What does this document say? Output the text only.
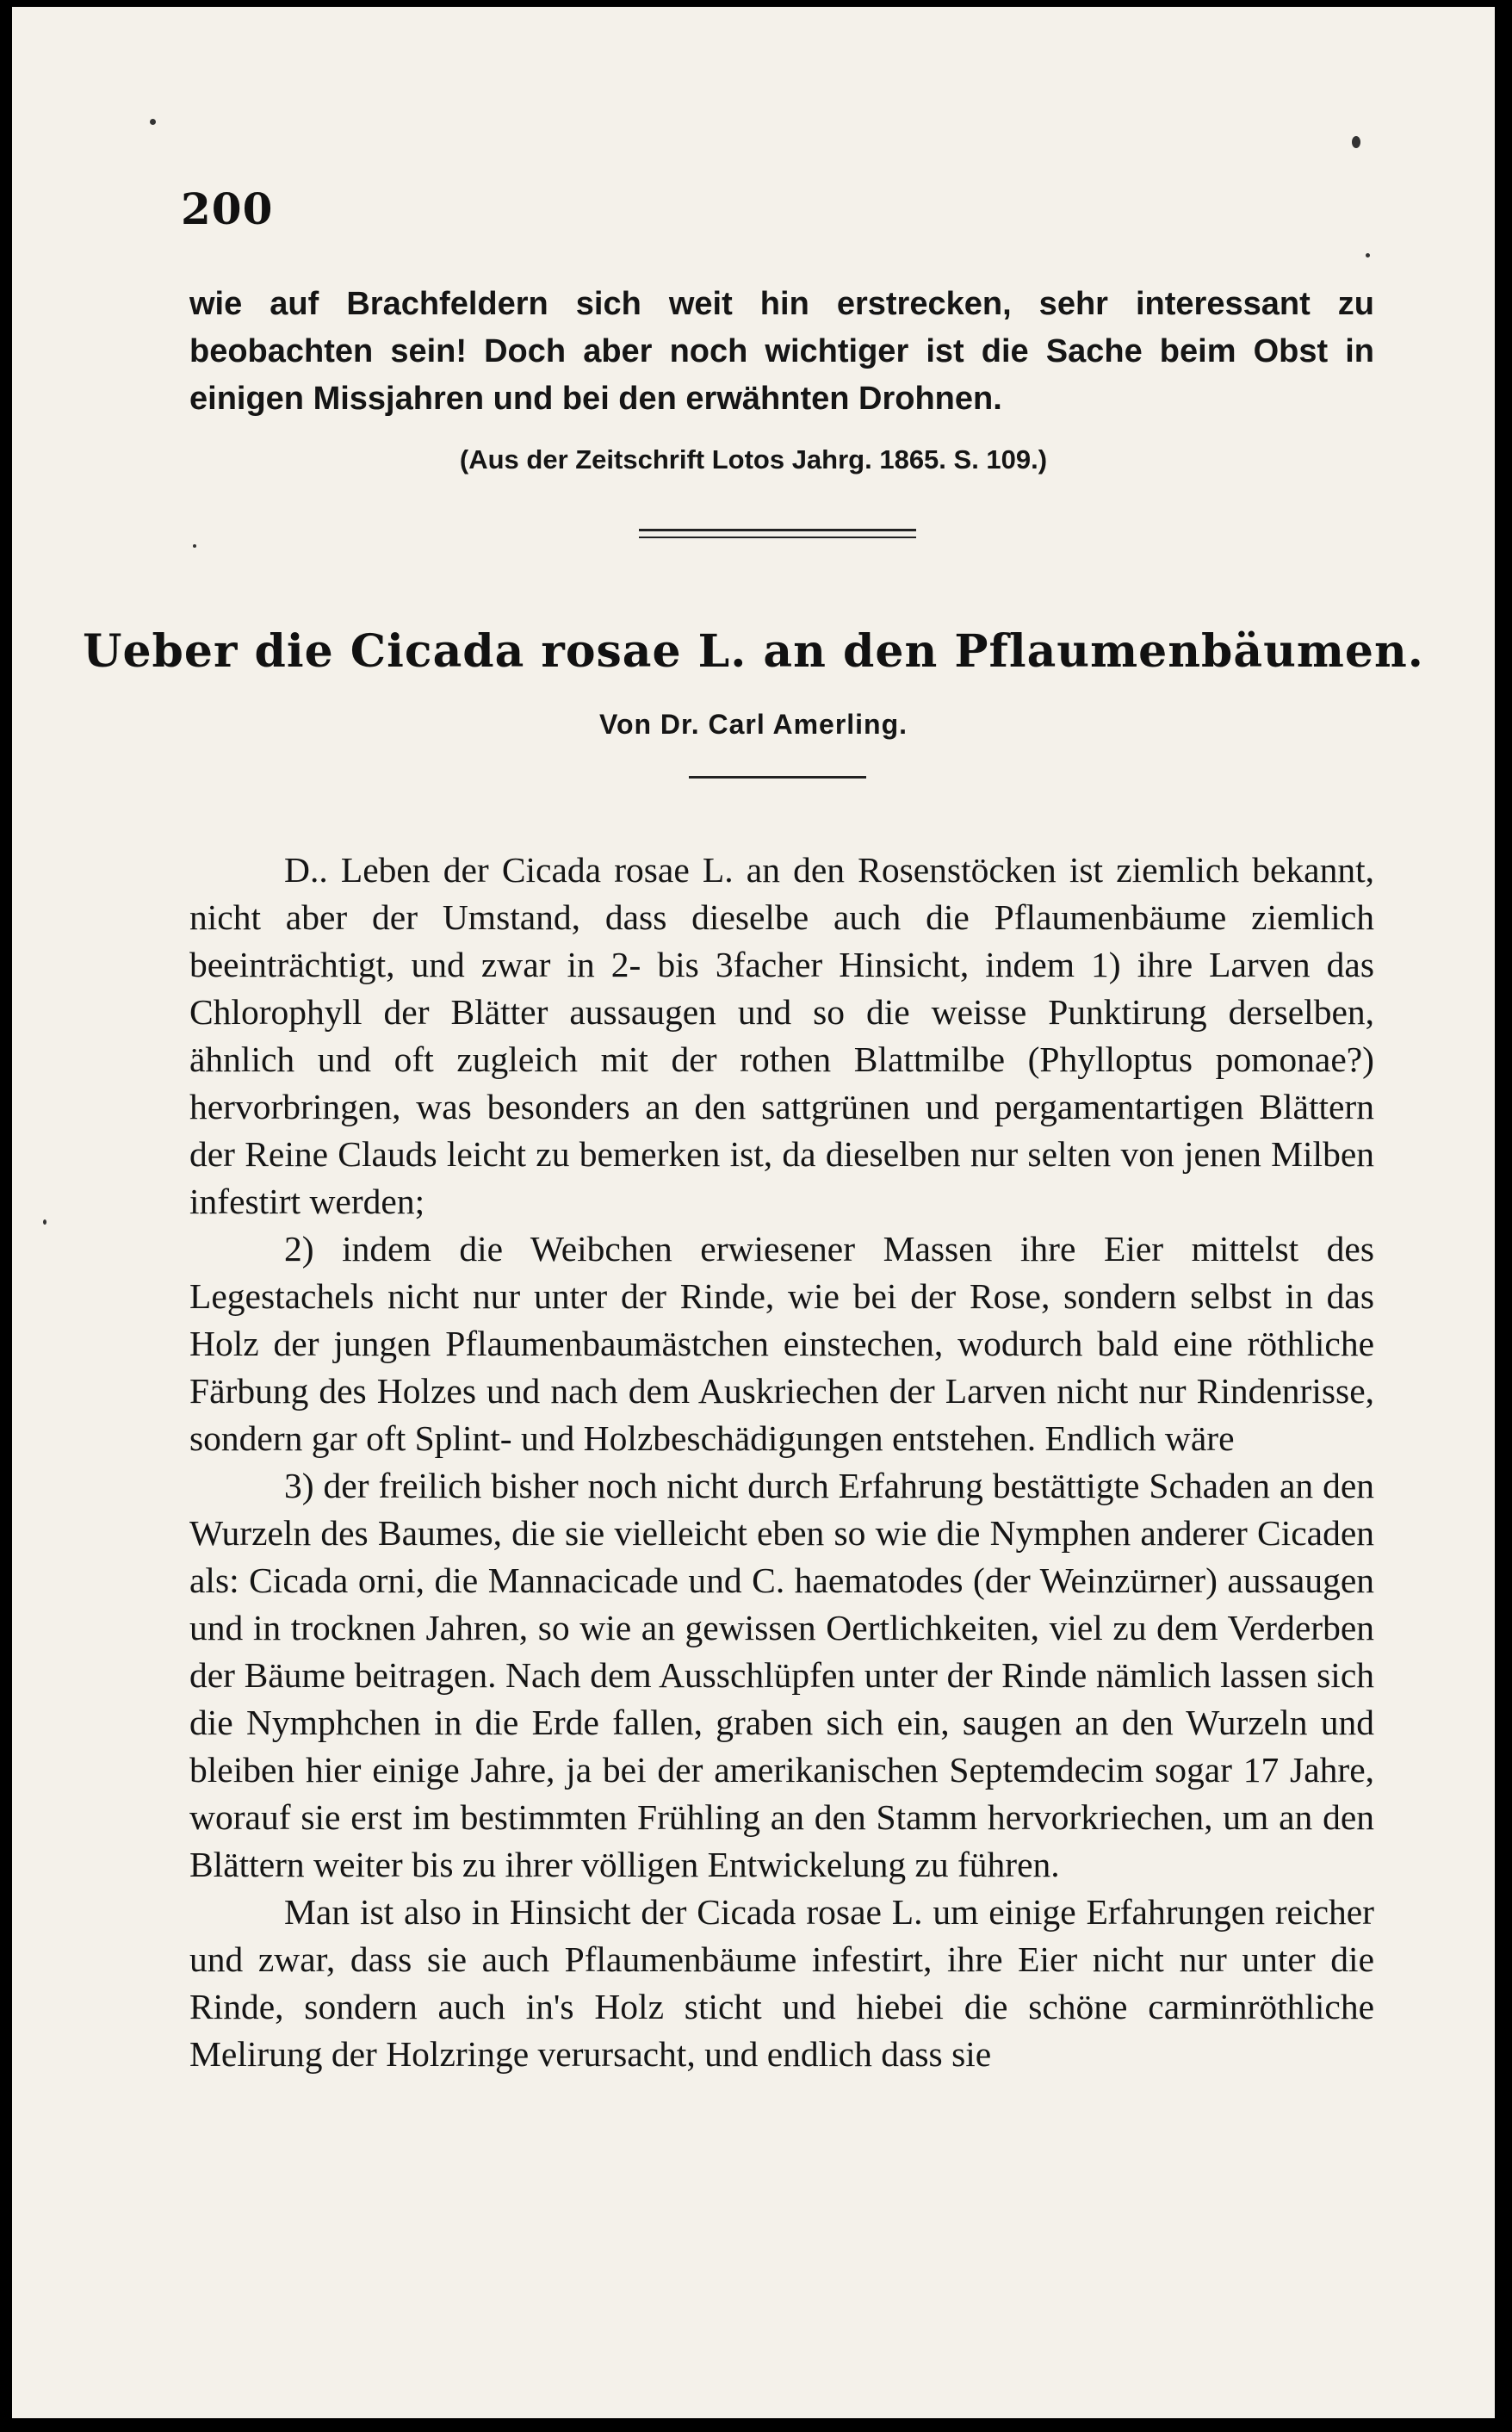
200

wie auf Brachfeldern sich weit hin erstrecken, sehr interessant zu beobachten sein! Doch aber noch wichtiger ist die Sache beim Obst in einigen Missjahren und bei den erwähnten Drohnen.

(Aus der Zeitschrift Lotos Jahrg. 1865. S. 109.)
Ueber die Cicada rosae L. an den Pflaumenbäumen.
Von Dr. Carl Amerling.

D.. Leben der Cicada rosae L. an den Rosenstöcken ist ziemlich bekannt, nicht aber der Umstand, dass dieselbe auch die Pflaumenbäume ziemlich beeinträchtigt, und zwar in 2- bis 3facher Hinsicht, indem 1) ihre Larven das Chlorophyll der Blätter aussaugen und so die weisse Punktirung derselben, ähnlich und oft zugleich mit der rothen Blattmilbe (Phylloptus pomonae?) hervorbringen, was besonders an den sattgrünen und pergamentartigen Blättern der Reine Clauds leicht zu bemerken ist, da dieselben nur selten von jenen Milben infestirt werden;

2) indem die Weibchen erwiesener Massen ihre Eier mittelst des Legestachels nicht nur unter der Rinde, wie bei der Rose, sondern selbst in das Holz der jungen Pflaumenbaumästchen einstechen, wodurch bald eine röthliche Färbung des Holzes und nach dem Auskriechen der Larven nicht nur Rindenrisse, sondern gar oft Splint- und Holzbeschädigungen entstehen. Endlich wäre

3) der freilich bisher noch nicht durch Erfahrung bestättigte Schaden an den Wurzeln des Baumes, die sie vielleicht eben so wie die Nymphen anderer Cicaden als: Cicada orni, die Mannacicade und C. haematodes (der Weinzürner) aussaugen und in trocknen Jahren, so wie an gewissen Oertlichkeiten, viel zu dem Verderben der Bäume beitragen. Nach dem Ausschlüpfen unter der Rinde nämlich lassen sich die Nymphchen in die Erde fallen, graben sich ein, saugen an den Wurzeln und bleiben hier einige Jahre, ja bei der amerikanischen Septemdecim sogar 17 Jahre, worauf sie erst im bestimmten Frühling an den Stamm hervorkriechen, um an den Blättern weiter bis zu ihrer völligen Entwickelung zu führen.

Man ist also in Hinsicht der Cicada rosae L. um einige Erfahrungen reicher und zwar, dass sie auch Pflaumenbäume infestirt, ihre Eier nicht nur unter die Rinde, sondern auch in's Holz sticht und hiebei die schöne carminröthliche Melirung der Holzringe verursacht, und endlich dass sie
